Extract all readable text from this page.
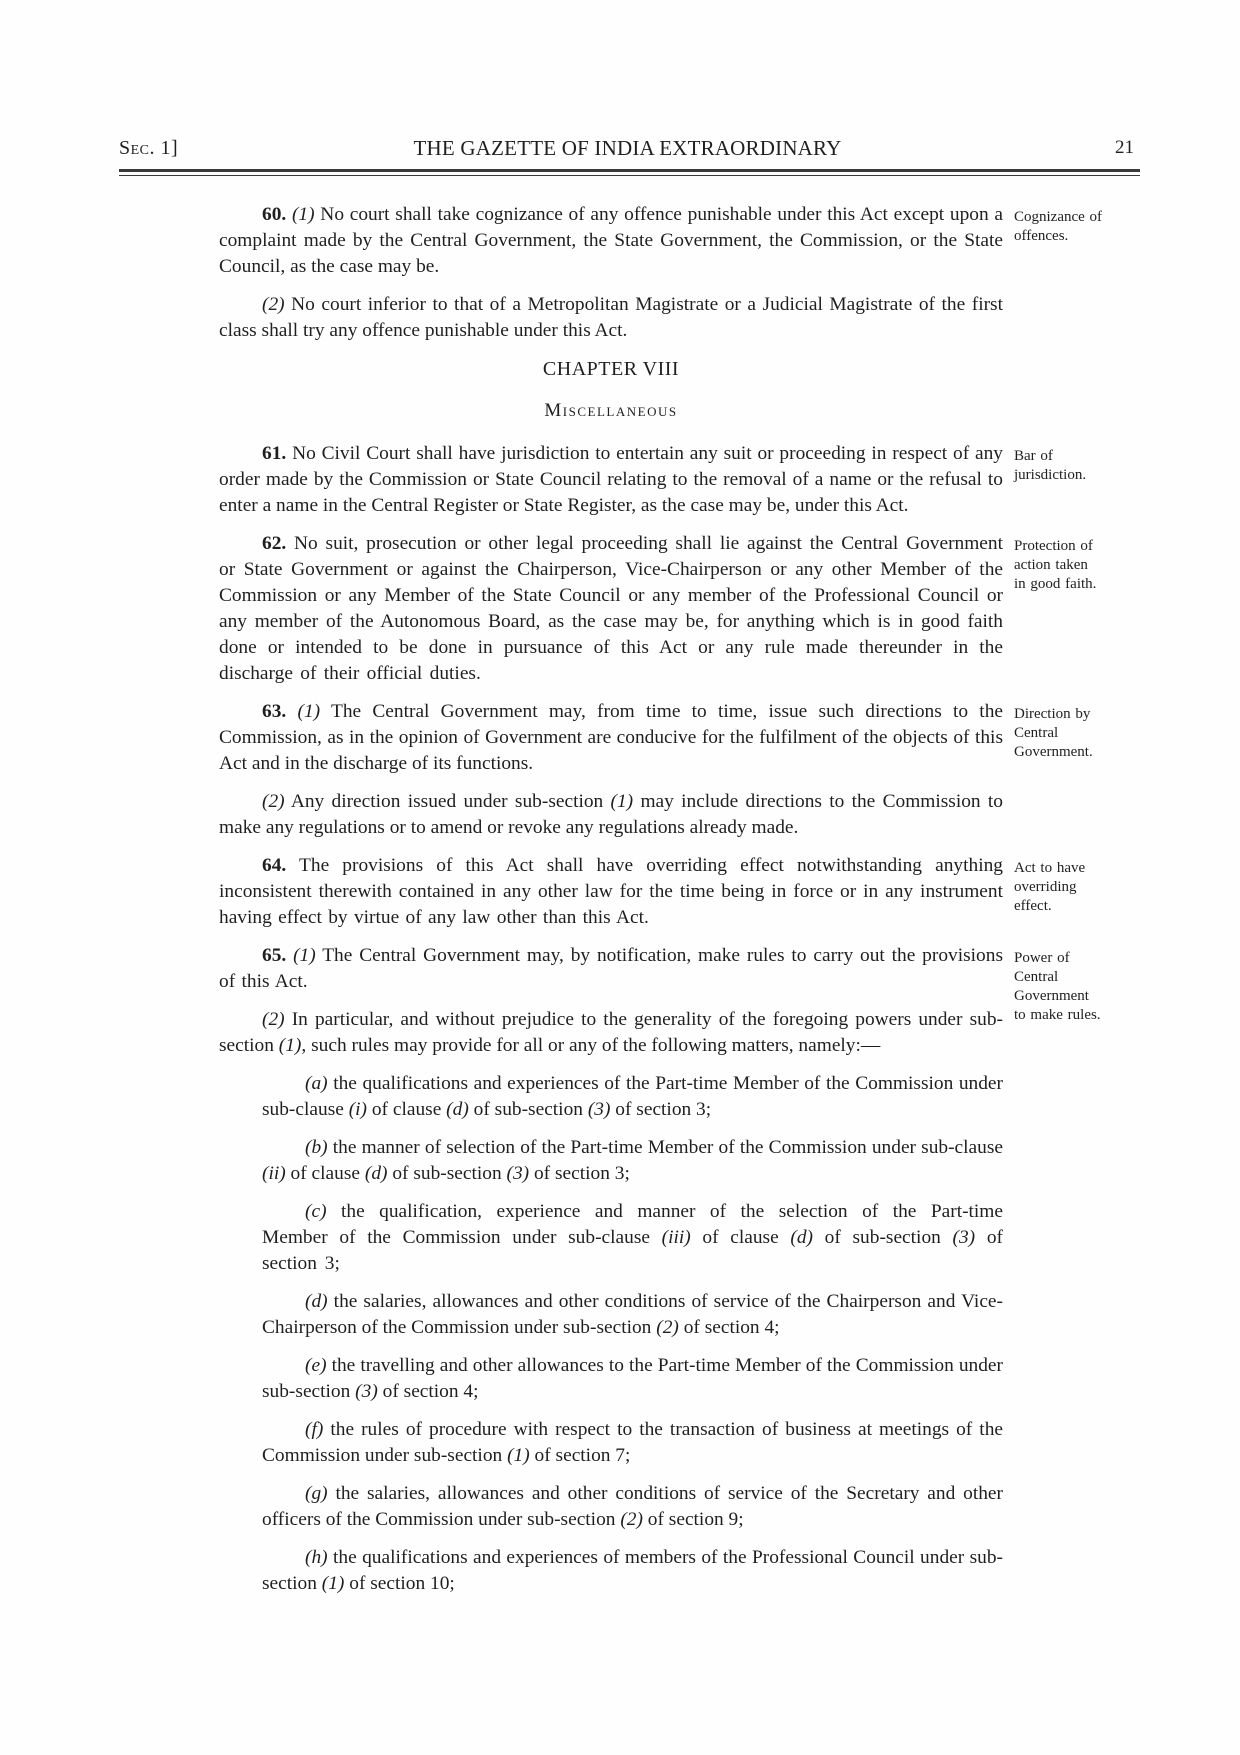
Sec. 1]	THE GAZETTE OF INDIA EXTRAORDINARY	21
60. (1) No court shall take cognizance of any offence punishable under this Act except upon a complaint made by the Central Government, the State Government, the Commission, or the State Council, as the case may be.
Cognizance of
offences.
(2) No court inferior to that of a Metropolitan Magistrate or a Judicial Magistrate of the first class shall try any offence punishable under this Act.
CHAPTER VIII
Miscellaneous
61. No Civil Court shall have jurisdiction to entertain any suit or proceeding in respect of any order made by the Commission or State Council relating to the removal of a name or the refusal to enter a name in the Central Register or State Register, as the case may be, under this Act.
Bar of
jurisdiction.
62. No suit, prosecution or other legal proceeding shall lie against the Central Government or State Government or against the Chairperson, Vice-Chairperson or any other Member of the Commission or any Member of the State Council or any member of the Professional Council or any member of the Autonomous Board, as the case may be, for anything which is in good faith done or intended to be done in pursuance of this Act or any rule made thereunder in the discharge of their official duties.
Protection of
action taken
in good faith.
63. (1) The Central Government may, from time to time, issue such directions to the Commission, as in the opinion of Government are conducive for the fulfilment of the objects of this Act and in the discharge of its functions.
Direction by
Central
Government.
(2) Any direction issued under sub-section (1) may include directions to the Commission to make any regulations or to amend or revoke any regulations already made.
64. The provisions of this Act shall have overriding effect notwithstanding anything inconsistent therewith contained in any other law for the time being in force or in any instrument having effect by virtue of any law other than this Act.
Act to have
overriding
effect.
65. (1) The Central Government may, by notification, make rules to carry out the provisions of this Act.
Power of
Central
Government
to make rules.
(2) In particular, and without prejudice to the generality of the foregoing powers under sub-section (1), such rules may provide for all or any of the following matters, namely:—
(a) the qualifications and experiences of the Part-time Member of the Commission under sub-clause (i) of clause (d) of sub-section (3) of section 3;
(b) the manner of selection of the Part-time Member of the Commission under sub-clause (ii) of clause (d) of sub-section (3) of section 3;
(c) the qualification, experience and manner of the selection of the Part-time Member of the Commission under sub-clause (iii) of clause (d) of sub-section (3) of section 3;
(d) the salaries, allowances and other conditions of service of the Chairperson and Vice-Chairperson of the Commission under sub-section (2) of section 4;
(e) the travelling and other allowances to the Part-time Member of the Commission under sub-section (3) of section 4;
(f) the rules of procedure with respect to the transaction of business at meetings of the Commission under sub-section (1) of section 7;
(g) the salaries, allowances and other conditions of service of the Secretary and other officers of the Commission under sub-section (2) of section 9;
(h) the qualifications and experiences of members of the Professional Council under sub-section (1) of section 10;
